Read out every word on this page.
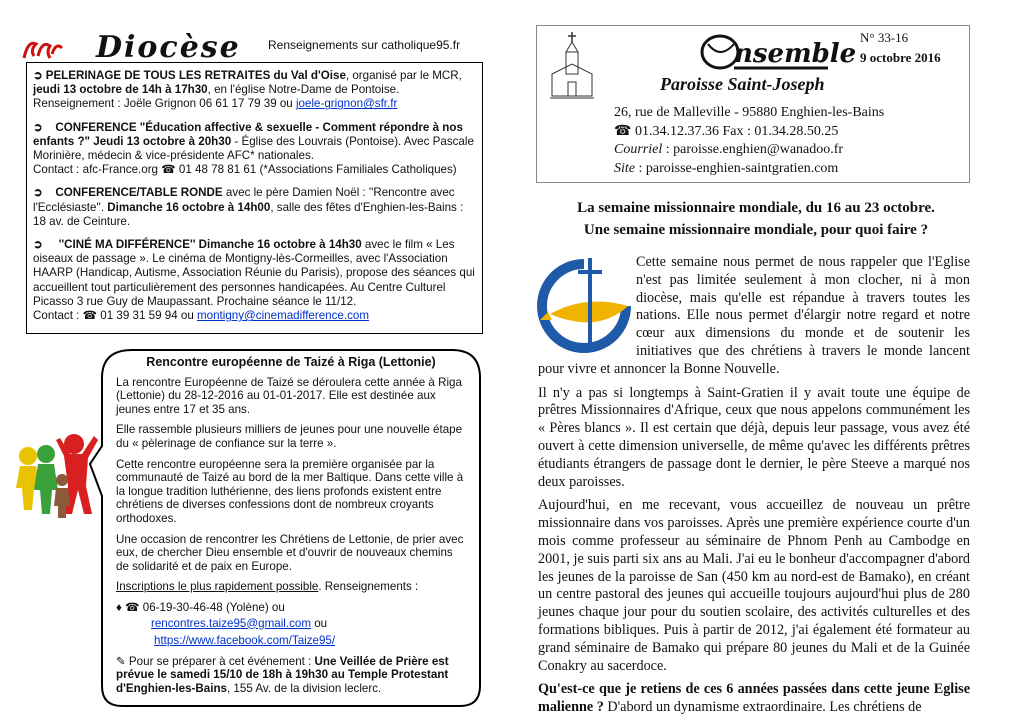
Diocèse Renseignements sur catholique95.fr
➲ PELERINAGE DE TOUS LES RETRAITES du Val d'Oise, organisé par le MCR, jeudi 13 octobre de 14h à 17h30, en l'église Notre-Dame de Pontoise. Renseignement : Joële Grignon 06 61 17 79 39 ou joele-grignon@sfr.fr
➲ CONFERENCE "Éducation affective & sexuelle - Comment répondre à nos enfants ?" Jeudi 13 octobre à 20h30 - Église des Louvrais (Pontoise). Avec Pascale Morinière, médecin & vice-présidente AFC* nationales.
Contact : afc-France.org ☎ 01 48 78 81 61 (*Associations Familiales Catholiques)
➲ CONFERENCE/TABLE RONDE avec le père Damien Noël : ''Rencontre avec l'Ecclésiaste''. Dimanche 16 octobre à 14h00, salle des fêtes d'Enghien-les-Bains : 18 av. de Ceinture.
➲ ''CINÉ MA DIFFÉRENCE'' Dimanche 16 octobre à 14h30 avec le film « Les oiseaux de passage ». Le cinéma de Montigny-lès-Cormeilles, avec l'Association HAARP (Handicap, Autisme, Association Réunie du Parisis), propose des séances qui accueillent tout particulièrement des personnes handicapées. Au Centre Culturel Picasso 3 rue Guy de Maupassant. Prochaine séance le 11/12.
Contact : ☎ 01 39 31 59 94 ou montigny@cinemadifference.com
Rencontre européenne de Taizé à Riga (Lettonie)

La rencontre Européenne de Taizé se déroulera cette année à Riga (Lettonie) du 28-12-2016 au 01-01-2017. Elle est destinée aux jeunes entre 17 et 35 ans.

Elle rassemble plusieurs milliers de jeunes pour une nouvelle étape du « pèlerinage de confiance sur la terre ».

Cette rencontre européenne sera la première organisée par la communauté de Taizé au bord de la mer Baltique. Dans cette ville à la longue tradition luthérienne, des liens profonds existent entre chrétiens de diverses confessions dont de nombreux croyants orthodoxes.

Une occasion de rencontrer les Chrétiens de Lettonie, de prier avec eux, de chercher Dieu ensemble et d'ouvrir de nouveaux chemins de solidarité et de paix en Europe.

Inscriptions le plus rapidement possible. Renseignements :

♦ ☎ 06-19-30-46-48 (Yolène) ou
rencontres.taize95@gmail.com ou
https://www.facebook.com/Taize95/

✎ Pour se préparer à cet événement : Une Veillée de Prière est prévue le samedi 15/10 de 18h à 19h30 au Temple Protestant d'Enghien-les-Bains, 155 Av. de la division leclerc.

nsemble
N° 33-16
9 octobre 2016
Paroisse Saint-Joseph
26, rue de Malleville - 95880 Enghien-les-Bains
☎ 01.34.12.37.36 Fax : 01.34.28.50.25
Courriel : paroisse.enghien@wanadoo.fr
Site : paroisse-enghien-saintgratien.com
La semaine missionnaire mondiale, du 16 au 23 octobre.
Une semaine missionnaire mondiale, pour quoi faire ?

Cette semaine nous permet de nous rappeler que l'Eglise n'est pas limitée seulement à mon clocher, ni à mon diocèse, mais qu'elle est répandue à travers toutes les nations. Elle nous permet d'élargir notre regard et notre cœur aux dimensions du monde et de soutenir les initiatives que des chrétiens à travers le monde lancent pour vivre et annoncer la Bonne Nouvelle.

Il n'y a pas si longtemps à Saint-Gratien il y avait toute une équipe de prêtres Missionnaires d'Afrique, ceux que nous appelons communément les « Pères blancs ». Il est certain que déjà, depuis leur passage, vous avez été ouvert à cette dimension universelle, de même qu'avec les différents prêtres étudiants étrangers de passage dont le dernier, le père Steeve a marqué nos deux paroisses.

Aujourd'hui, en me recevant, vous accueillez de nouveau un prêtre missionnaire dans vos paroisses. Après une première expérience courte d'un mois comme professeur au séminaire de Phnom Penh au Cambodge en 2001, je suis parti six ans au Mali. J'ai eu le bonheur d'accompagner d'abord les jeunes de la paroisse de San (450 km au nord-est de Bamako), en créant un centre pastoral des jeunes qui accueille toujours aujourd'hui plus de 280 jeunes chaque jour pour du soutien scolaire, des activités culturelles et des formations bibliques. Puis à partir de 2012, j'ai également été formateur au grand séminaire de Bamako qui prépare 80 jeunes du Mali et de la Guinée Conakry au sacerdoce.

Qu'est-ce que je retiens de ces 6 années passées dans cette jeune Eglise malienne ? D'abord un dynamisme extraordinaire. Les chrétiens de
